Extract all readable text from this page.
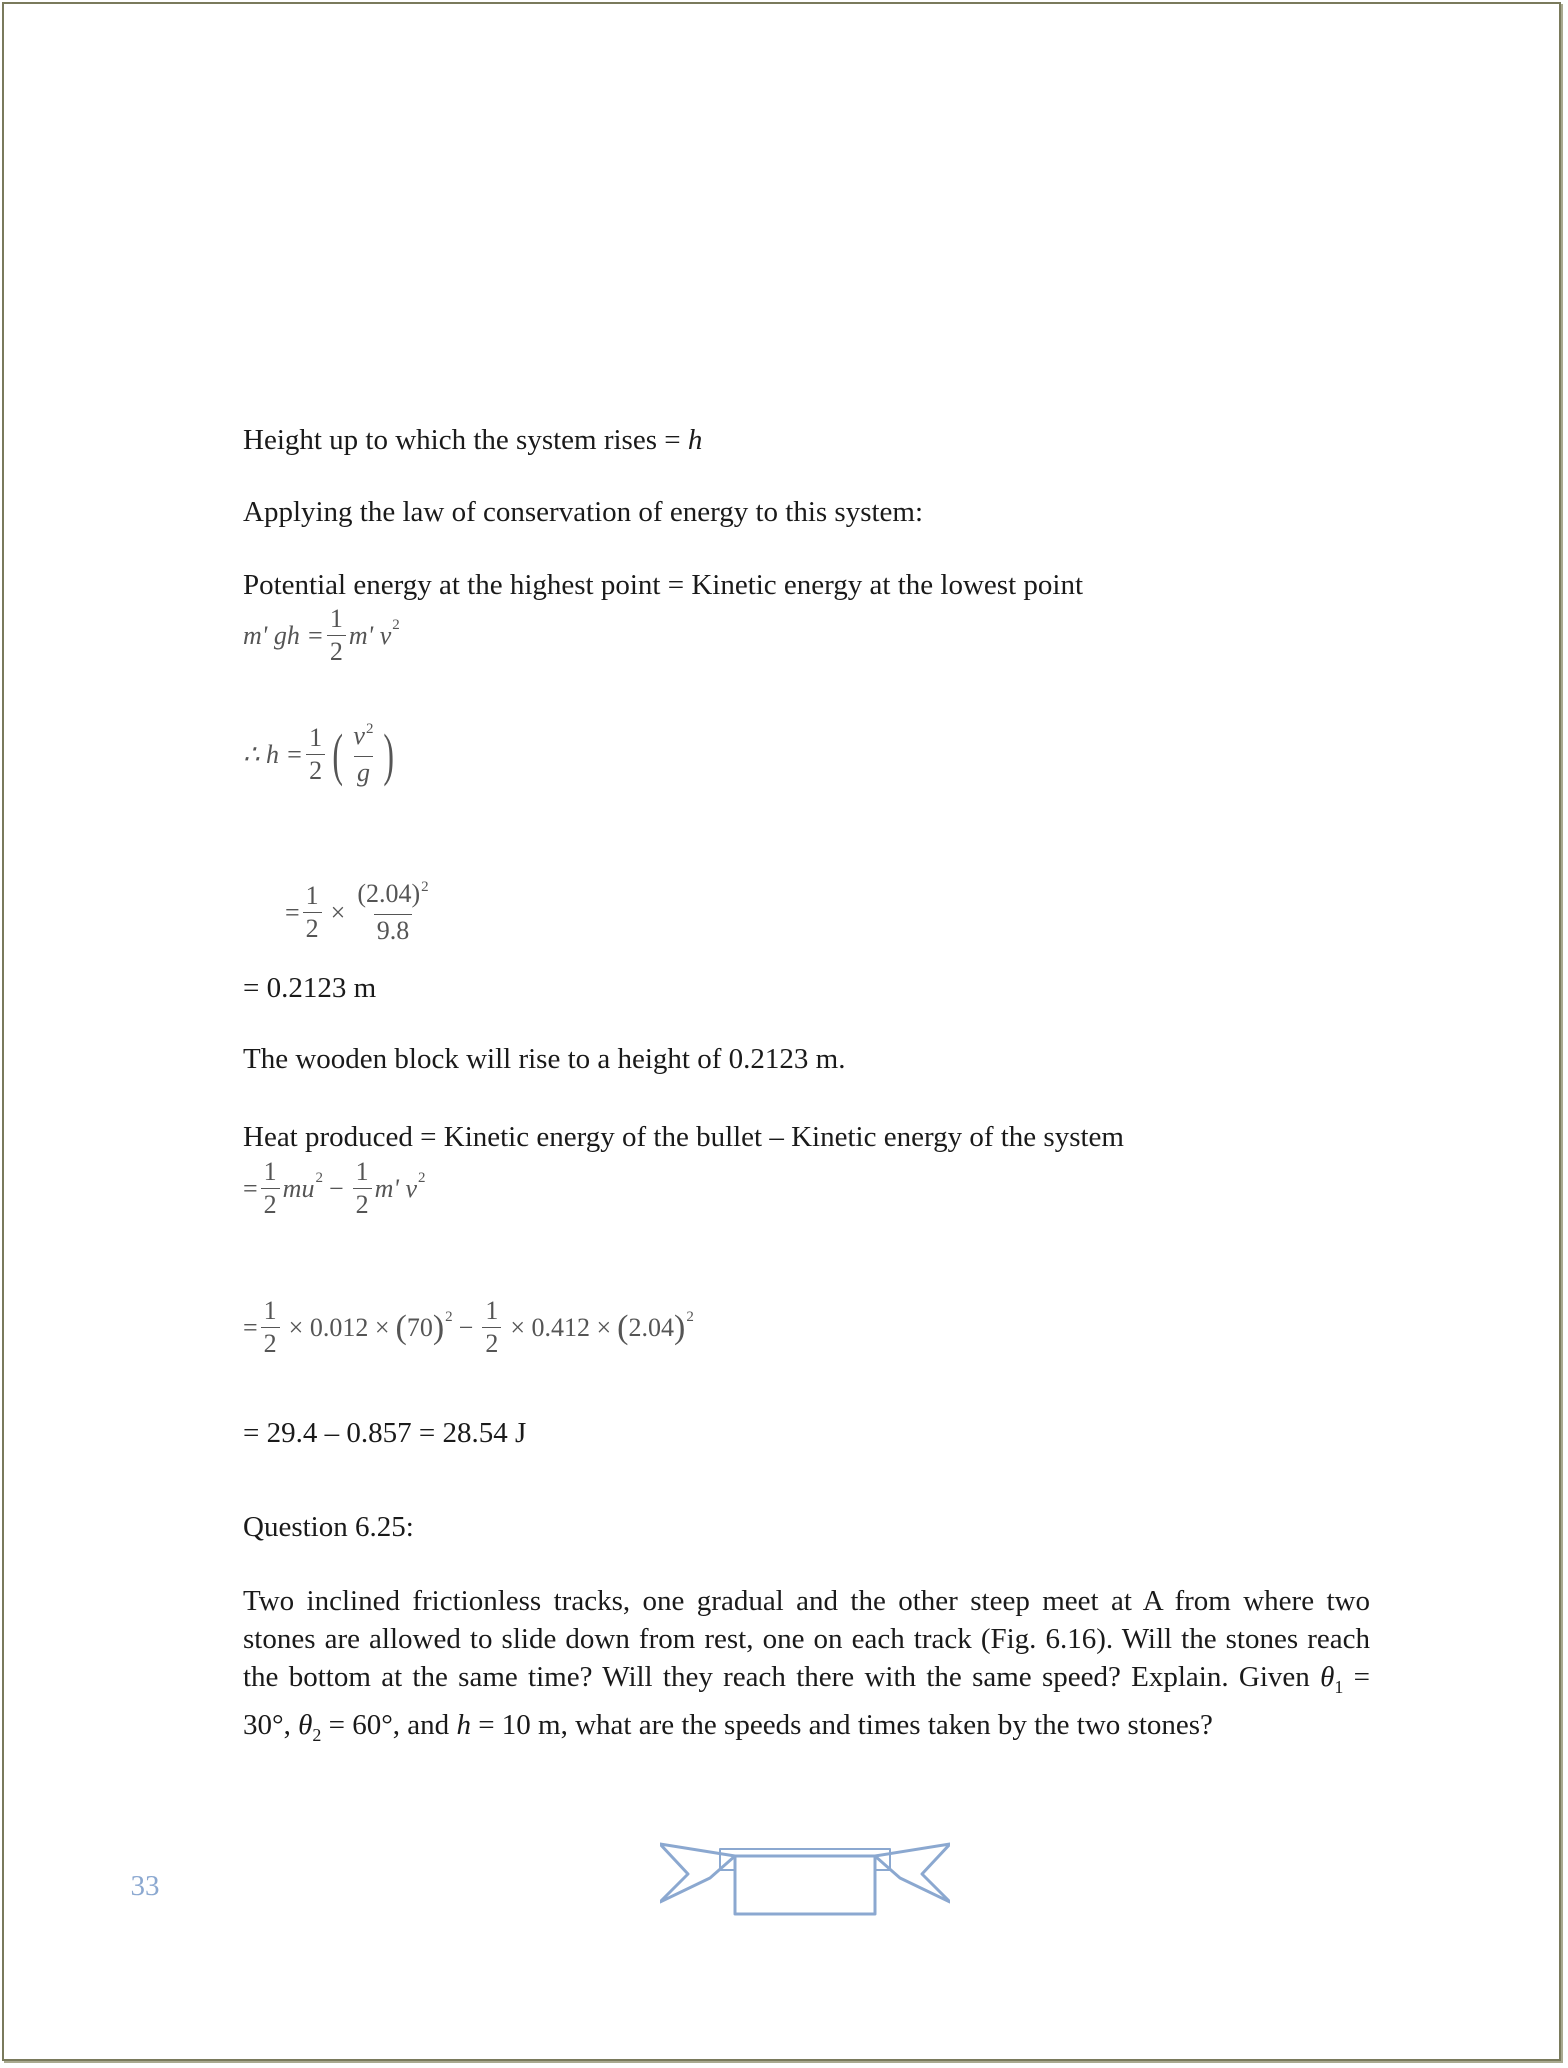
Height up to which the system rises = h
Applying the law of conservation of energy to this system:
Potential energy at the highest point = Kinetic energy at the lowest point
m' gh = $\frac{1}{2} m'$ v 2
∴ $h = \frac{1}{2}$ ( $\frac{v^2}{g}$ )
= $\frac{1}{2} \times \frac{(2.04)^2}{9.8}$
= 0.2123 m
The wooden block will rise to a height of 0.2123 m.
Heat produced = Kinetic energy of the bullet – Kinetic energy of the system
= $\frac{1}{2}$ mu $2 - \frac{1}{2} m'$ v 2
= $\frac{1}{2} \times 0.012$ × ( 70 ) $2 - \frac{1}{2} \times 0.412$ × ( 2.04 ) 2
= 29.4 – 0.857 = 28.54 J
Question 6.25:
Two inclined frictionless tracks, one gradual and the other steep meet at A from where two stones are allowed to slide down from rest, one on each track (Fig. 6.16). Will the stones reach the bottom at the same time? Will they reach there with the same speed? Explain. Given $\theta_1 = 30^\circ$, $\theta_2 = 60^\circ$, and h = 10 m, what are the speeds and times taken by the two stones?
33
